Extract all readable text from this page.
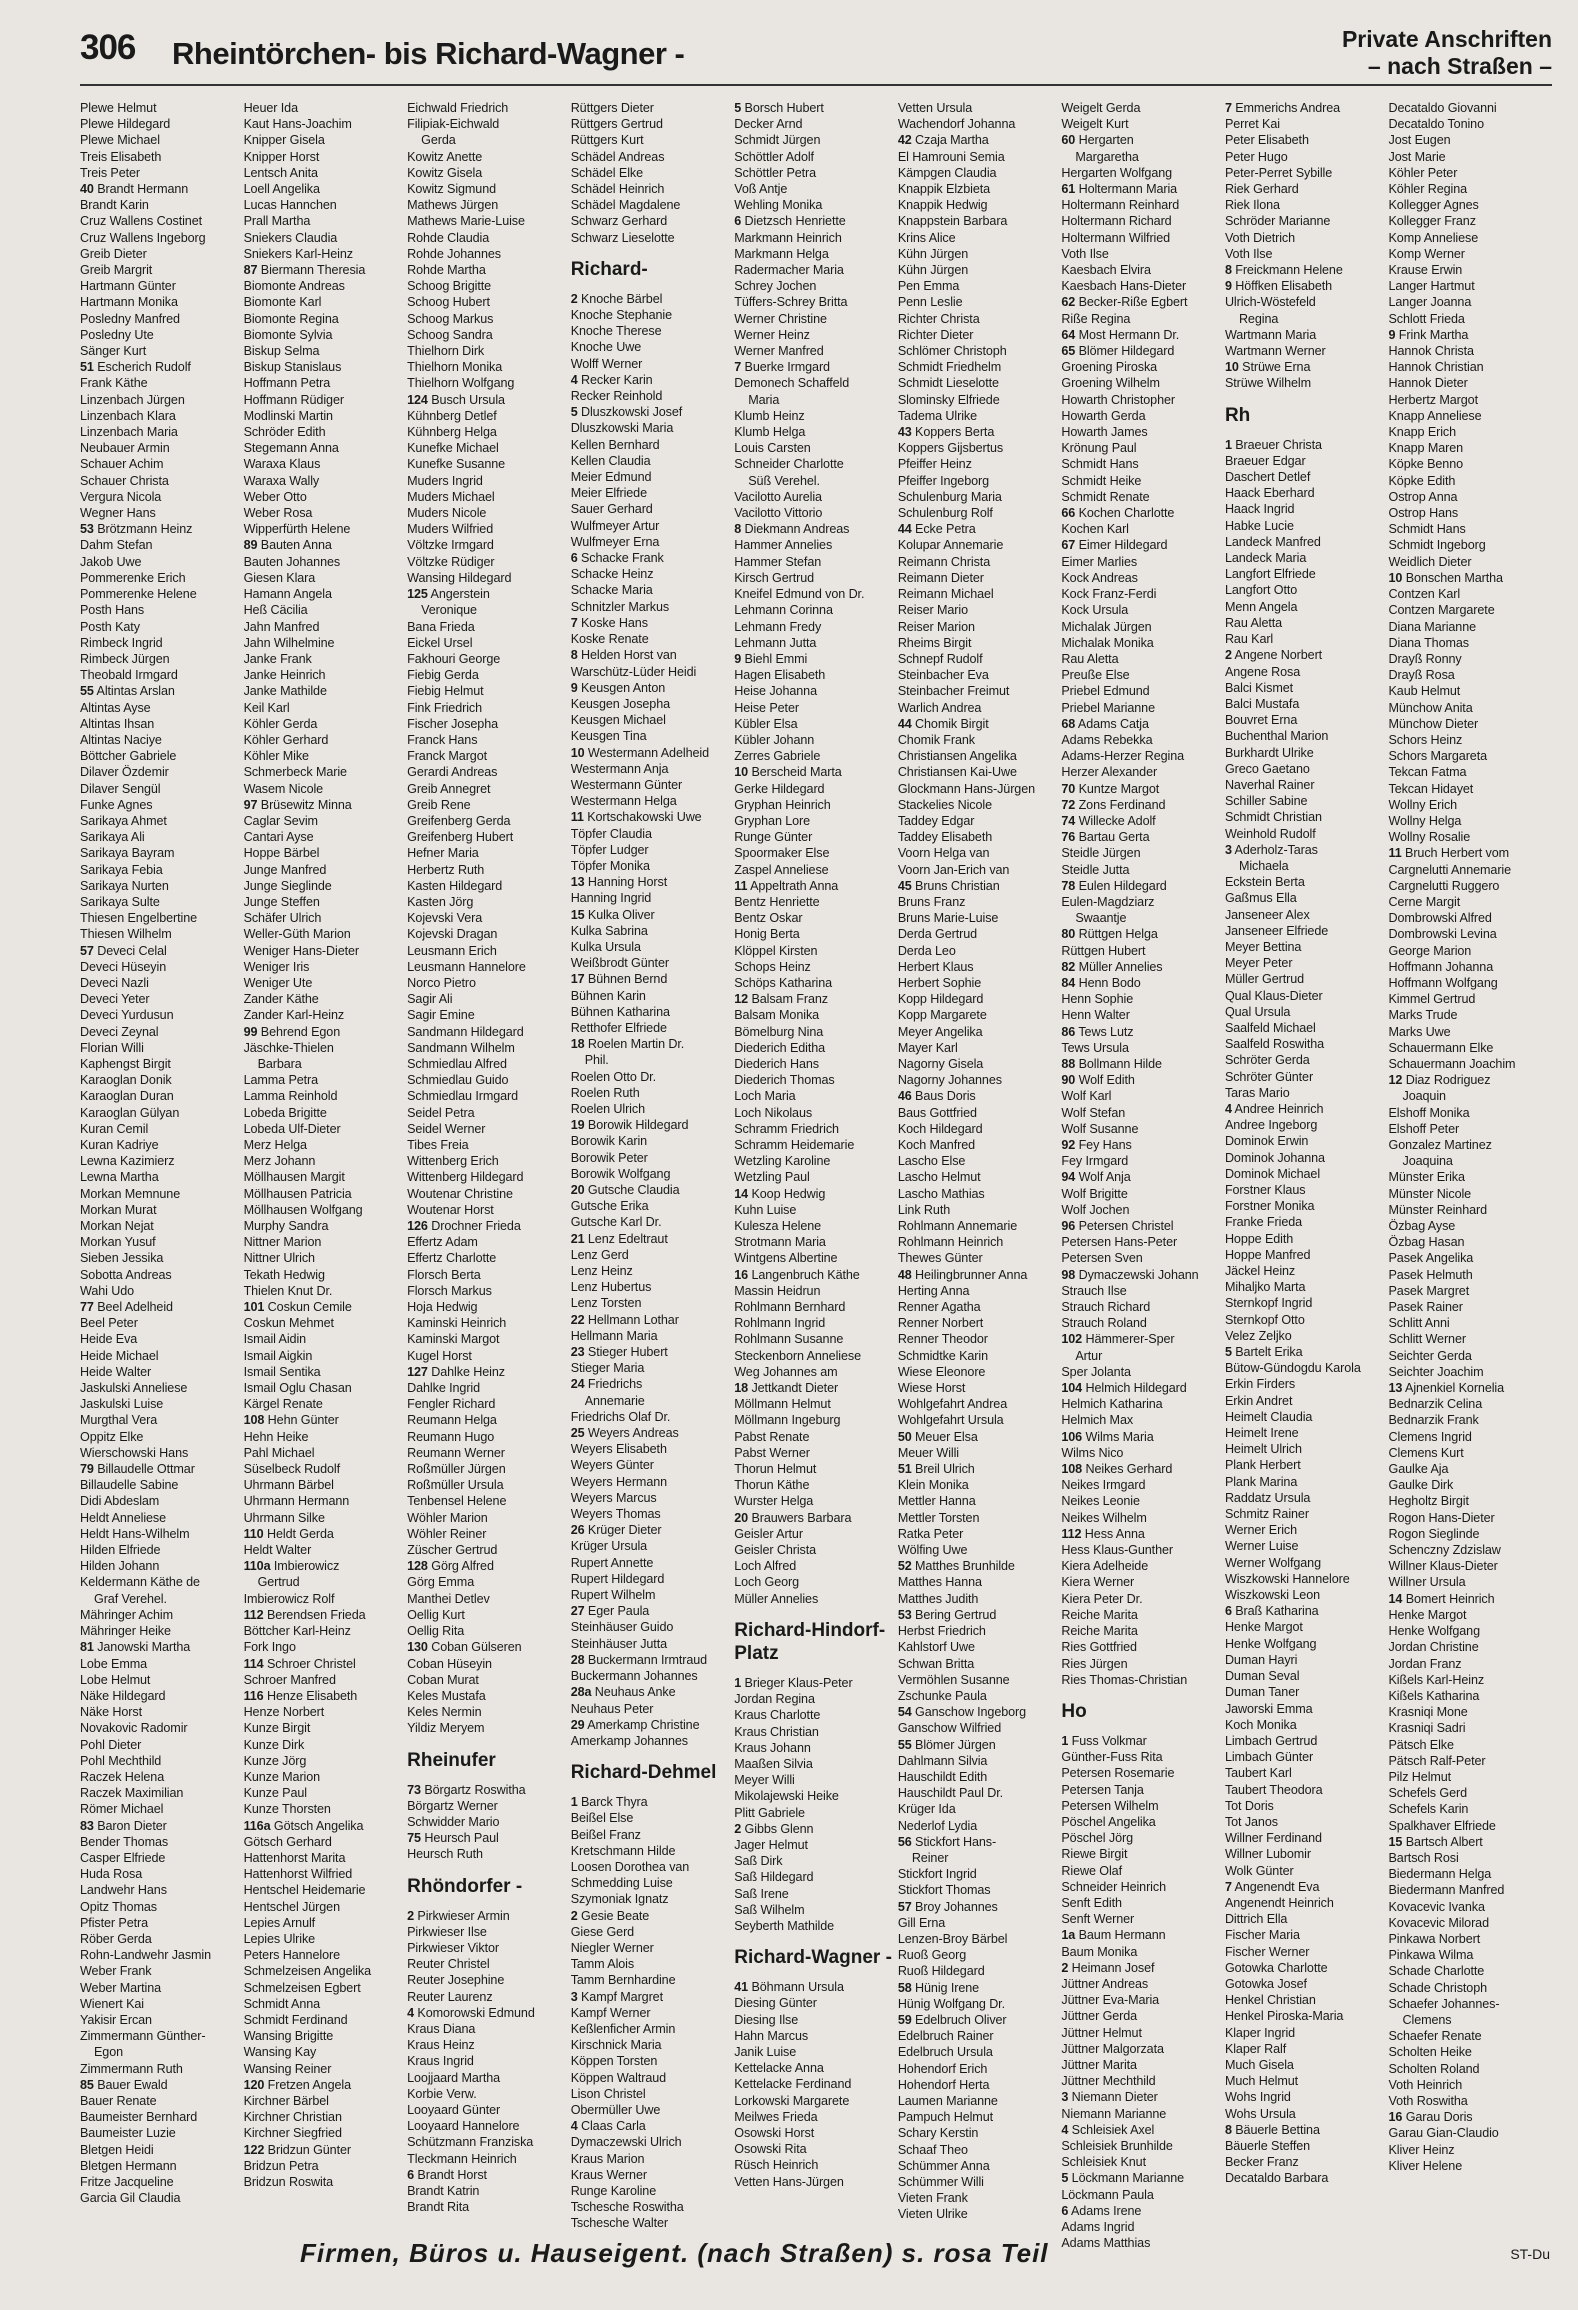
306 Rheintörchen- bis Richard-Wagner -	Private Anschriften
– nach Straßen –
Plewe Helmut
Plewe Hildegard
Plewe Michael
Treis Elisabeth
Treis Peter
40 Brandt Hermann
Brandt Karin
Cruz Wallens Costinet
Cruz Wallens Ingeborg
Greib Dieter
Greib Margrit
Hartmann Günter
Hartmann Monika
Poslednу Manfred
Poslednу Ute
Sänger Kurt
51 Escherich Rudolf
Frank Käthe
Linzenbach Jürgen
Linzenbach Klara
Linzenbach Maria
Neubauer Armin
Schauer Achim
Schauer Christa
Vergura Nicola
Wegner Hans
53 Brötzmann Heinz
Dahm Stefan
Jakob Uwe
Pommerenke Erich
Pommerenke Helene
Posth Hans
Posth Katy
Rimbeck Ingrid
Rimbeck Jürgen
Theobald Irmgard
55 Altintas Arslan
Altintas Ayse
Altintas Ihsan
Altintas Naciye
Böttcher Gabriele
Dilaver Özdemir
Dilaver Sengül
Funke Agnes
Sarikaya Ahmet
Sarikaya Ali
Sarikaya Bayram
Sarikaya Febia
Sarikaya Nurten
Sarikaya Sulte
Thiesen Engelbertine
Thiesen Wilhelm
57 Deveci Celal
Deveci Hüseyin
Deveci Nazli
Deveci Yeter
Deveci Yurdusun
Deveci Zeynal
Florian Willi
Kaphengst Birgit
Karaoglan Donik
Karaoglan Duran
Karaoglan Gülyan
Kuran Cemil
Kuran Kadriye
Lewna Kazimierz
Lewna Martha
Morkan Memnune
Morkan Murat
Morkan Nejat
Morkan Yusuf
Sieben Jessika
Sobotta Andreas
Wahi Udo
77 Beel Adelheid
Beel Peter
Heide Eva
Heide Michael
Heide Walter
Jaskulski Anneliese
Jaskulski Luise
Murgthal Vera
Oppitz Elke
Wierschowski Hans
79 Billaudelle Ottmar
Billaudelle Sabine
Didi Abdeslam
Heldt Anneliese
Heldt Hans-Wilhelm
Hilden Elfriede
Hilden Johann
Keldermann Käthe de
Graf Verehel.
Mähringer Achim
Mähringer Heike
81 Janowski Martha
Lobe Emma
Lobe Helmut
Näke Hildegard
Näke Horst
Novakovic Radomir
Pohl Dieter
Pohl Mechthild
Raczek Helena
Raczek Maximilian
Römer Michael
83 Baron Dieter
Bender Thomas
Casper Elfriede
Huda Rosa
Landwehr Hans
Opitz Thomas
Pfister Petra
Röber Gerda
Rohn-Landwehr Jasmin
Weber Frank
Weber Martina
Wienert Kai
Yakisir Ercan
Zimmermann Günther-
Egon
Zimmermann Ruth
85 Bauer Ewald
Bauer Renate
Baumeister Bernhard
Baumeister Luzie
Bletgen Heidi
Bletgen Hermann
Fritze Jacqueline
Garcia Gil Claudia
Heuer Ida
Kaut Hans-Joachim
Knipper Gisela
Knipper Horst
Lentsch Anita
Loell Angelika
Lucas Hannchen
Prall Martha
Sniekers Claudia
Sniekers Karl-Heinz
87 Biermann Theresia
Biomonte Andreas
Biomonte Karl
Biomonte Regina
Biomonte Sylvia
Biskup Selma
Biskup Stanislaus
Hoffmann Petra
Hoffmann Rüdiger
Modlinski Martin
Schröder Edith
Stegemann Anna
Waraxa Klaus
Waraxa Wally
Weber Otto
Weber Rosa
Wipperfürth Helene
89 Bauten Anna
Bauten Johannes
Giesen Klara
Hamann Angela
Heß Cäcilia
Jahn Manfred
Jahn Wilhelmine
Janke Frank
Janke Heinrich
Janke Mathilde
Keil Karl
Köhler Gerda
Köhler Gerhard
Köhler Mike
Schmerbeck Marie
Wasem Nicole
97 Brüsewitz Minna
Caglar Sevim
Cantari Ayse
Hoppe Bärbel
Junge Manfred
Junge Sieglinde
Junge Steffen
Schäfer Ulrich
Weller-Güth Marion
Weniger Hans-Dieter
Weniger Iris
Weniger Ute
Zander Käthe
Zander Karl-Heinz
99 Behrend Egon
Jäschke-Thielen
Barbara
Lamma Petra
Lamma Reinhold
Lobeda Brigitte
Lobeda Ulf-Dieter
Merz Helga
Merz Johann
Möllhausen Margit
Möllhausen Patricia
Möllhausen Wolfgang
Murphy Sandra
Nittner Marion
Nittner Ulrich
Tekath Hedwig
Thielen Knut Dr.
101 Coskun Cemile
Coskun Mehmet
Ismail Aidin
Ismail Aigkin
Ismail Sentika
Ismail Oglu Chasan
Kärgel Renate
108 Hehn Günter
Hehn Heike
Pahl Michael
Süselbeck Rudolf
Uhrmann Bärbel
Uhrmann Hermann
Uhrmann Silke
110 Heldt Gerda
Heldt Walter
110a Imbierowicz
Gertrud
Imbierowicz Rolf
112 Berendsen Frieda
Böttcher Karl-Heinz
Fork Ingo
114 Schroer Christel
Schroer Manfred
116 Henze Elisabeth
Henze Norbert
Kunze Birgit
Kunze Dirk
Kunze Jörg
Kunze Marion
Kunze Paul
Kunze Thorsten
116a Götsch Angelika
Götsch Gerhard
Hattenhorst Marita
Hattenhorst Wilfried
Hentschel Heidemarie
Hentschel Jürgen
Lepies Arnulf
Lepies Ulrike
Peters Hannelore
Schmelzeisen Angelika
Schmelzeisen Egbert
Schmidt Anna
Schmidt Ferdinand
Wansing Brigitte
Wansing Kay
Wansing Reiner
120 Fretzen Angela
Kirchner Bärbel
Kirchner Christian
Kirchner Siegfried
122 Bridzun Günter
Bridzun Petra
Bridzun Roswita
Eichwald Friedrich
Filipiak-Eichwald
Gerda
Kowitz Anette
Kowitz Gisela
Kowitz Sigmund
Mathews Jürgen
Mathews Marie-Luise
Rohde Claudia
Rohde Johannes
Rohde Martha
Schoog Brigitte
Schoog Hubert
Schoog Markus
Schoog Sandra
Thielhorn Dirk
Thielhorn Monika
Thielhorn Wolfgang
124 Busch Ursula
Kühnberg Detlef
Kühnberg Helga
Kunefke Michael
Kunefke Susanne
Muders Ingrid
Muders Michael
Muders Nicole
Muders Wilfried
Völtzke Irmgard
Völtzke Rüdiger
Wansing Hildegard
125 Angerstein
Veronique
Bana Frieda
Eickel Ursel
Fakhouri George
Fiebig Gerda
Fiebig Helmut
Fink Friedrich
Fischer Josepha
Franck Hans
Franck Margot
Gerardi Andreas
Greib Annegret
Greib Rene
Greifenberg Gerda
Greifenberg Hubert
Hefner Maria
Herbertz Ruth
Kasten Hildegard
Kasten Jörg
Kojevski Vera
Kojevski Dragan
Leusmann Erich
Leusmann Hannelore
Norco Pietro
Sagir Ali
Sagir Emine
Sandmann Hildegard
Sandmann Wilhelm
Schmiedlau Alfred
Schmiedlau Guido
Schmiedlau Irmgard
Seidel Petra
Seidel Werner
Tibes Freia
Wittenberg Erich
Wittenberg Hildegard
Woutenar Christine
Woutenar Horst
126 Drochner Frieda
Effertz Adam
Effertz Charlotte
Florsch Berta
Florsch Markus
Hoja Hedwig
Kaminski Heinrich
Kaminski Margot
Kugel Horst
127 Dahlke Heinz
Dahlke Ingrid
Fengler Richard
Reumann Helga
Reumann Hugo
Reumann Werner
Roßmüller Jürgen
Roßmüller Ursula
Tenbensel Helene
Wöhler Marion
Wöhler Reiner
Züscher Gertrud
128 Görg Alfred
Görg Emma
Manthei Detlev
Oellig Kurt
Oellig Rita
130 Coban Gülseren
Coban Hüseyin
Coban Murat
Keles Mustafa
Keles Nermin
Yildiz Meryem
Rheinufer
73 Börgartz Roswitha
Börgartz Werner
Schwidder Mario
75 Heursch Paul
Heursch Ruth
Rhöndorfer -
2 Pirkwieser Armin
Pirkwieser Ilse
Pirkwieser Viktor
Reuter Christel
Reuter Josephine
Reuter Laurenz
4 Komorowski Edmund
Kraus Diana
Kraus Heinz
Kraus Ingrid
Loojjaard Martha
Korbie Verw.
Looyaard Günter
Looyaard Hannelore
Schützmann Franziska
Tleckmann Heinrich
6 Brandt Horst
Brandt Katrin
Brandt Rita
Rüttgers Dieter
Rüttgers Gertrud
Rüttgers Kurt
Schädel Andreas
Schädel Elke
Schädel Heinrich
Schädel Magdalene
Schwarz Gerhard
Schwarz Lieselotte
Richard-
2 Knoche Bärbel
Knoche Stephanie
Knoche Therese
Knoche Uwe
Wolff Werner
4 Recker Karin
Recker Reinhold
5 Dluszkowski Josef
Dluszkowski Maria
Kellen Bernhard
Kellen Claudia
Meier Edmund
Meier Elfriede
Sauer Gerhard
Wulfmeyer Artur
Wulfmeyer Erna
6 Schacke Frank
Schacke Heinz
Schacke Maria
Schnitzler Markus
7 Koske Hans
Koske Renate
8 Helden Horst van
Warschütz-Lüder Heidi
9 Keusgen Anton
Keusgen Josepha
Keusgen Michael
Keusgen Tina
10 Westermann Adelheid
Westermann Anja
Westermann Günter
Westermann Helga
11 Kortschakowski Uwe
Töpfer Claudia
Töpfer Ludger
Töpfer Monika
13 Hanning Horst
Hanning Ingrid
15 Kulka Oliver
Kulka Sabrina
Kulka Ursula
Weißbrodt Günter
17 Bühnen Bernd
Bühnen Karin
Bühnen Katharina
Retthofer Elfriede
18 Roelen Martin Dr.
Phil.
Roelen Otto Dr.
Roelen Ruth
Roelen Ulrich
19 Borowik Hildegard
Borowik Karin
Borowik Peter
Borowik Wolfgang
20 Gutsche Claudia
Gutsche Erika
Gutsche Karl Dr.
21 Lenz Edeltraut
Lenz Gerd
Lenz Heinz
Lenz Hubertus
Lenz Torsten
22 Hellmann Lothar
Hellmann Maria
23 Stieger Hubert
Stieger Maria
24 Friedrichs
Annemarie
Friedrichs Olaf Dr.
25 Weyers Andreas
Weyers Elisabeth
Weyers Günter
Weyers Hermann
Weyers Marcus
Weyers Thomas
26 Krüger Dieter
Krüger Ursula
Rupert Annette
Rupert Hildegard
Rupert Wilhelm
27 Eger Paula
Steinhäuser Guido
Steinhäuser Jutta
28 Buckermann Irmtraud
Buckermann Johannes
28a Neuhaus Anke
Neuhaus Peter
29 Amerkamp Christine
Amerkamp Johannes
Richard-Dehmel
1 Barck Thyra
Beißel Else
Beißel Franz
Kretschmann Hilde
Loosen Dorothea van
Schmedding Luise
Szymoniak Ignatz
2 Gesie Beate
Giese Gerd
Niegler Werner
Tamm Alois
Tamm Bernhardine
3 Kampf Margret
Kampf Werner
Keßlenficher Armin
Kirschnick Maria
Köppen Torsten
Köppen Waltraud
Lison Christel
Obermüller Uwe
4 Claas Carla
Dymaczewski Ulrich
Kraus Marion
Kraus Werner
Runge Karoline
Tschesche Roswitha
Tschesche Walter
5 Borsch Hubert
Decker Arnd
Schmidt Jürgen
Schöttler Adolf
Schöttler Petra
Voß Antje
Wehling Monika
6 Dietzsch Henriette
Markmann Heinrich
Markmann Helga
Radermacher Maria
Schrey Jochen
Tüffers-Schrey Britta
Werner Christine
Werner Heinz
Werner Manfred
7 Buerke Irmgard
Demonech Schaffeld
Maria
Klumb Heinz
Klumb Helga
Louis Carsten
Schneider Charlotte
Süß Verehel.
Vacilotto Aurelia
Vacilotto Vittorio
8 Diekmann Andreas
Hammer Annelies
Hammer Stefan
Kirsch Gertrud
Kneifel Edmund von Dr.
Lehmann Corinna
Lehmann Fredy
Lehmann Jutta
9 Biehl Emmi
Hagen Elisabeth
Heise Johanna
Heise Peter
Kübler Elsa
Kübler Johann
Zerres Gabriele
10 Berscheid Marta
Gerke Hildegard
Gryphan Heinrich
Gryphan Lore
Runge Günter
Spoormaker Else
Zaspel Anneliese
11 Appeltrath Anna
Bentz Henriette
Bentz Oskar
Honig Berta
Klöppel Kirsten
Schops Heinz
Schöps Katharina
12 Balsam Franz
Balsam Monika
Bömelburg Nina
Diederich Editha
Diederich Hans
Diederich Thomas
Loch Maria
Loch Nikolaus
Schramm Friedrich
Schramm Heidemarie
Wetzling Karoline
Wetzling Paul
14 Koop Hedwig
Kuhn Luise
Kulesza Helene
Strotmann Maria
Wintgens Albertine
16 Langenbruch Käthe
Massin Heidrun
Rohlmann Bernhard
Rohlmann Ingrid
Rohlmann Susanne
Steckenborn Anneliese
Weg Johannes am
18 Jettkandt Dieter
Möllmann Helmut
Möllmann Ingeburg
Pabst Renate
Pabst Werner
Thorun Helmut
Thorun Käthe
Wurster Helga
20 Brauwers Barbara
Geisler Artur
Geisler Christa
Loch Alfred
Loch Georg
Müller Annelies
Richard-Hindorf-
Platz
1 Brieger Klaus-Peter
Jordan Regina
Kraus Charlotte
Kraus Christian
Kraus Johann
Maaßen Silvia
Meyer Willi
Mikolajewski Heike
Plitt Gabriele
2 Gibbs Glenn
Jager Helmut
Saß Dirk
Saß Hildegard
Saß Irene
Saß Wilhelm
Seyberth Mathilde
Richard-Wagner -
41 Böhmann Ursula
Diesing Günter
Diesing Ilse
Hahn Marcus
Janik Luise
Kettelacke Anna
Kettelacke Ferdinand
Lorkowski Margarete
Meilwes Frieda
Osowski Horst
Osowski Rita
Rüsch Heinrich
Vetten Hans-Jürgen
Vetten Ursula
Wachendorf Johanna
42 Czaja Martha
El Hamrouni Semia
Kämpgen Claudia
Knappik Elzbieta
Knappik Hedwig
Knappstein Barbara
Krins Alice
Kühn Jürgen
Kühn Jürgen
Pen Emma
Penn Leslie
Richter Christa
Richter Dieter
Schlömer Christoph
Schmidt Friedhelm
Schmidt Lieselotte
Slominsky Elfriede
Tadema Ulrike
43 Koppers Berta
Koppers Gijsbertus
Pfeiffer Heinz
Pfeiffer Ingeborg
Schulenburg Maria
Schulenburg Rolf
44 Ecke Petra
Kolupar Annemarie
Reimann Christa
Reimann Dieter
Reimann Michael
Reiser Mario
Reiser Marion
Rheims Birgit
Schnepf Rudolf
Steinbacher Eva
Steinbacher Freimut
Warlich Andrea
44 Chomik Birgit
Chomik Frank
Christiansen Angelika
Christiansen Kai-Uwe
Glockmann Hans-Jürgen
Stackelies Nicole
Taddey Edgar
Taddey Elisabeth
Voorn Helga van
Voorn Jan-Erich van
45 Bruns Christian
Bruns Franz
Bruns Marie-Luise
Derda Gertrud
Derda Leo
Herbert Klaus
Herbert Sophie
Kopp Hildegard
Kopp Margarete
Meyer Angelika
Mayer Karl
Nagorny Gisela
Nagorny Johannes
46 Baus Doris
Baus Gottfried
Koch Hildegard
Koch Manfred
Lascho Else
Lascho Helmut
Lascho Mathias
Link Ruth
Rohlmann Annemarie
Rohlmann Heinrich
Thewes Günter
48 Heilingbrunner Anna
Herting Anna
Renner Agatha
Renner Norbert
Renner Theodor
Schmidtke Karin
Wiese Eleonore
Wiese Horst
Wohlgefahrt Andrea
Wohlgefahrt Ursula
50 Meuer Elsa
Meuer Willi
51 Breil Ulrich
Klein Monika
Mettler Hanna
Mettler Torsten
Ratka Peter
Wölfing Uwe
52 Matthes Brunhilde
Matthes Hanna
Matthes Judith
53 Bering Gertrud
Herbst Friedrich
Kahlstorf Uwe
Schwan Britta
Vermöhlen Susanne
Zschunke Paula
54 Ganschow Ingeborg
Ganschow Wilfried
55 Blömer Jürgen
Dahlmann Silvia
Hauschildt Edith
Hauschildt Paul Dr.
Krüger Ida
Nederlof Lydia
56 Stickfort Hans-
Reiner
Stickfort Ingrid
Stickfort Thomas
57 Broy Johannes
Gill Erna
Lenzen-Broy Bärbel
Ruoß Georg
Ruoß Hildegard
58 Hünig Irene
Hünig Wolfgang Dr.
59 Edelbruch Oliver
Edelbruch Rainer
Edelbruch Ursula
Hohendorf Erich
Hohendorf Herta
Laumen Marianne
Pampuch Helmut
Schary Kerstin
Schaaf Theo
Schümmer Anna
Schümmer Willi
Vieten Frank
Vieten Ulrike
Weigelt Gerda
Weigelt Kurt
60 Hergarten
Margaretha
Hergarten Wolfgang
61 Holtermann Maria
Holtermann Reinhard
Holtermann Richard
Holtermann Wilfried
Voth Ilse
Kaesbach Elvira
Kaesbach Hans-Dieter
62 Becker-Riße Egbert
Riße Regina
64 Most Hermann Dr.
65 Blömer Hildegard
Groening Piroska
Groening Wilhelm
Howarth Christopher
Howarth Gerda
Howarth James
Krönung Paul
Schmidt Hans
Schmidt Heike
Schmidt Renate
66 Kochen Charlotte
Kochen Karl
67 Eimer Hildegard
Eimer Marlies
Kock Andreas
Kock Franz-Ferdi
Kock Ursula
Michalak Jürgen
Michalak Monika
Rau Aletta
Preuße Else
Priebel Edmund
Priebel Marianne
68 Adams Catja
Adams Rebekka
Adams-Herzer Regina
Herzer Alexander
70 Kuntze Margot
72 Zons Ferdinand
74 Willecke Adolf
76 Bartau Gerta
Steidle Jürgen
Steidle Jutta
78 Eulen Hildegard
Eulen-Magdziarz
Swaantje
80 Rüttgen Helga
Rüttgen Hubert
82 Müller Annelies
84 Henn Bodo
Henn Sophie
Henn Walter
86 Tews Lutz
Tews Ursula
88 Bollmann Hilde
90 Wolf Edith
Wolf Karl
Wolf Stefan
Wolf Susanne
92 Fey Hans
Fey Irmgard
94 Wolf Anja
Wolf Brigitte
Wolf Jochen
96 Petersen Christel
Petersen Hans-Peter
Petersen Sven
98 Dymaczewski Johann
Strauch Ilse
Strauch Richard
Strauch Roland
102 Hämmerer-Sper
Artur
Sper Jolanta
104 Helmich Hildegard
Helmich Katharina
Helmich Max
106 Wilms Maria
Wilms Nico
108 Neikes Gerhard
Neikes Irmgard
Neikes Leonie
Neikes Wilhelm
112 Hess Anna
Hess Klaus-Gunther
Kiera Adelheide
Kiera Werner
Kiera Peter Dr.
Reiche Marita
Reiche Marita
Ries Gottfried
Ries Jürgen
Ries Thomas-Christian
Ho
1 Fuss Volkmar
Günther-Fuss Rita
Petersen Rosemarie
Petersen Tanja
Petersen Wilhelm
Pöschel Angelika
Pöschel Jörg
Riewe Birgit
Riewe Olaf
Schneider Heinrich
Senft Edith
Senft Werner
1a Baum Hermann
Baum Monika
2 Heimann Josef
Jüttner Andreas
Jüttner Eva-Maria
Jüttner Gerda
Jüttner Helmut
Jüttner Malgorzata
Jüttner Marita
Jüttner Mechthild
3 Niemann Dieter
Niemann Marianne
4 Schleisiek Axel
Schleisiek Brunhilde
Schleisiek Knut
5 Löckmann Marianne
Löckmann Paula
6 Adams Irene
Adams Ingrid
Adams Matthias
7 Emmerichs Andrea
Perret Kai
Peter Elisabeth
Peter Hugo
Peter-Perret Sybille
Riek Gerhard
Riek Ilona
Schröder Marianne
Voth Dietrich
Voth Ilse
8 Freickmann Helene
9 Höffken Elisabeth
Ulrich-Wöstefeld
Regina
Wartmann Maria
Wartmann Werner
10 Strüwe Erna
Strüwe Wilhelm
Rh
1 Braeuer Christa
Braeuer Edgar
Daschert Detlef
Haack Eberhard
Haack Ingrid
Habke Lucie
Landeck Manfred
Landeck Maria
Langfort Elfriede
Langfort Otto
Menn Angela
Rau Aletta
Rau Karl
2 Angene Norbert
Angene Rosa
Balci Kismet
Balci Mustafa
Bouvret Erna
Buchenthal Marion
Burkhardt Ulrike
Greco Gaetano
Naverhal Rainer
Schiller Sabine
Schmidt Christian
Weinhold Rudolf
3 Aderholz-Taras
Michaela
Eckstein Berta
Gaßmus Ella
Janseneer Alex
Janseneer Elfriede
Meyer Bettina
Meyer Peter
Müller Gertrud
Qual Klaus-Dieter
Qual Ursula
Saalfeld Michael
Saalfeld Roswitha
Schröter Gerda
Schröter Günter
Taras Mario
4 Andree Heinrich
Andree Ingeborg
Dominok Erwin
Dominok Johanna
Dominok Michael
Forstner Klaus
Forstner Monika
Franke Frieda
Hoppe Edith
Hoppe Manfred
Jäckel Heinz
Mihaljko Marta
Sternkopf Ingrid
Sternkopf Otto
Velez Zeljko
5 Bartelt Erika
Bütow-Gündogdu Karola
Erkin Firders
Erkin Andret
Heimelt Claudia
Heimelt Irene
Heimelt Ulrich
Plank Herbert
Plank Marina
Raddatz Ursula
Schmitz Rainer
Werner Erich
Werner Luise
Werner Wolfgang
Wiszkowski Hannelore
Wiszkowski Leon
6 Braß Katharina
Henke Margot
Henke Wolfgang
Duman Hayri
Duman Seval
Duman Taner
Jaworski Emma
Koch Monika
Limbach Gertrud
Limbach Günter
Taubert Karl
Taubert Theodora
Tot Doris
Tot Janos
Willner Ferdinand
Willner Lubomir
Wolk Günter
7 Angenendt Eva
Angenendt Heinrich
Dittrich Ella
Fischer Maria
Fischer Werner
Gotowka Charlotte
Gotowka Josef
Henkel Christian
Henkel Piroska-Maria
Klaper Ingrid
Klaper Ralf
Much Gisela
Much Helmut
Wohs Ingrid
Wohs Ursula
8 Bäuerle Bettina
Bäuerle Steffen
Becker Franz
Decataldo Barbara
Decataldo Giovanni
Decataldo Tonino
Jost Eugen
Jost Marie
Köhler Peter
Köhler Regina
Kollegger Agnes
Kollegger Franz
Komp Anneliese
Komp Werner
Krause Erwin
Langer Hartmut
Langer Joanna
Schlott Frieda
9 Frink Martha
Hannok Christa
Hannok Christian
Hannok Dieter
Herbertz Margot
Knapp Anneliese
Knapp Erich
Knapp Maren
Köpke Benno
Köpke Edith
Ostrop Anna
Ostrop Hans
Schmidt Hans
Schmidt Ingeborg
Weidlich Dieter
10 Bonschen Martha
Contzen Karl
Contzen Margarete
Diana Marianne
Diana Thomas
Drayß Ronny
Drayß Rosa
Kaub Helmut
Münchow Anita
Münchow Dieter
Schors Heinz
Schors Margareta
Tekcan Fatma
Tekcan Hidayet
Wollny Erich
Wollny Helga
Wollny Rosalie
11 Bruch Herbert vom
Cargnelutti Annemarie
Cargnelutti Ruggero
Cerne Margit
Dombrowski Alfred
Dombrowski Levina
George Marion
Hoffmann Johanna
Hoffmann Wolfgang
Kimmel Gertrud
Marks Trude
Marks Uwe
Schauermann Elke
Schauermann Joachim
12 Diaz Rodriguez
Joaquin
Elshoff Monika
Elshoff Peter
Gonzalez Martinez
Joaquina
Münster Erika
Münster Nicole
Münster Reinhard
Özbag Ayse
Özbag Hasan
Pasek Angelika
Pasek Helmuth
Pasek Margret
Pasek Rainer
Schlitt Anni
Schlitt Werner
Seichter Gerda
Seichter Joachim
13 Ajnenkiel Kornelia
Bednarzik Celina
Bednarzik Frank
Clemens Ingrid
Clemens Kurt
Gaulke Aja
Gaulke Dirk
Hegholtz Birgit
Rogon Hans-Dieter
Rogon Sieglinde
Schenczny Zdzislaw
Willner Klaus-Dieter
Willner Ursula
14 Bomert Heinrich
Henke Margot
Henke Wolfgang
Jordan Christine
Jordan Franz
Kißels Karl-Heinz
Kißels Katharina
Krasniqi Mone
Krasniqi Sadri
Pätsch Elke
Pätsch Ralf-Peter
Pilz Helmut
Schefels Gerd
Schefels Karin
Spalkhaver Elfriede
15 Bartsch Albert
Bartsch Rosi
Biedermann Helga
Biedermann Manfred
Kovacevic Ivanka
Kovacevic Milorad
Pinkawa Norbert
Pinkawa Wilma
Schade Charlotte
Schade Christoph
Schaefer Johannes-
Clemens
Schaefer Renate
Scholten Heike
Scholten Roland
Voth Heinrich
Voth Roswitha
16 Garau Doris
Garau Gian-Claudio
Kliver Heinz
Kliver Helene
Firmen, Büros u. Hauseigent. (nach Straßen) s. rosa Teil	ST-Du
